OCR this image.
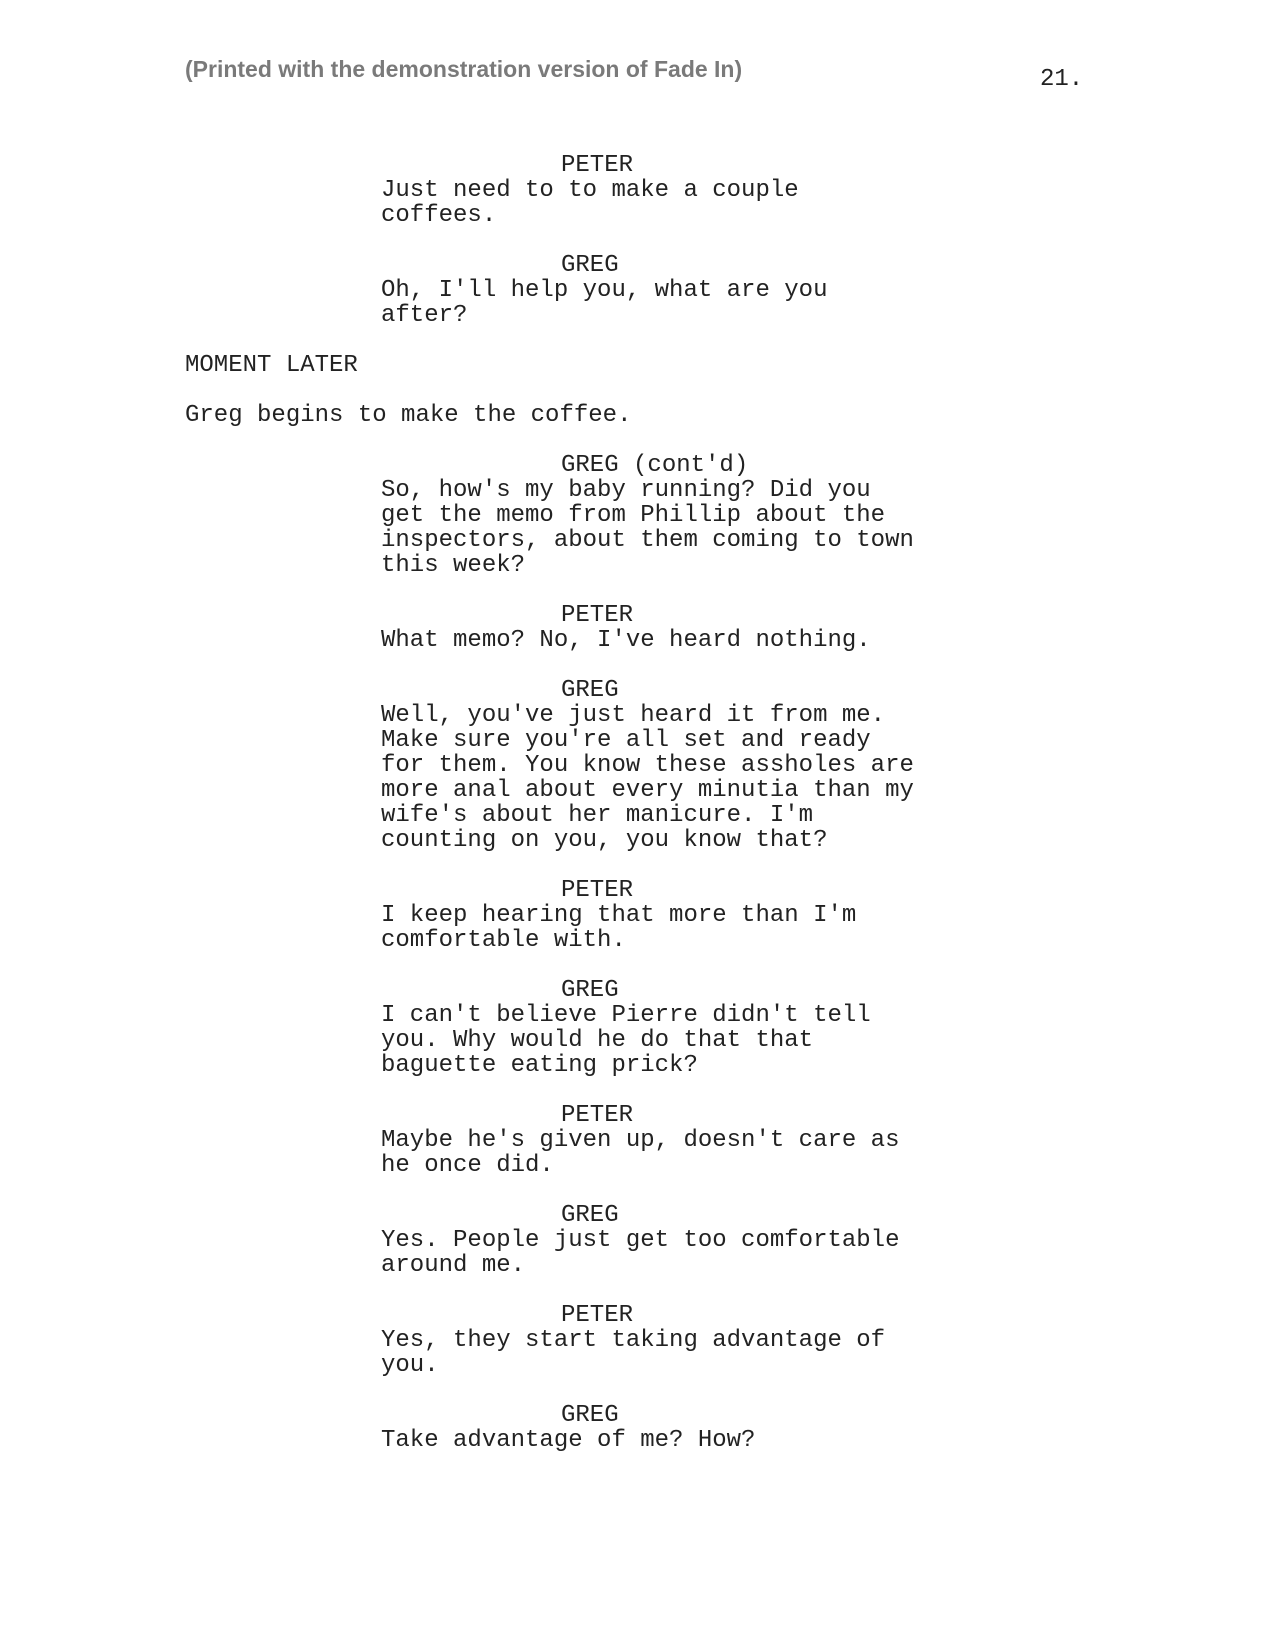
(Printed with the demonstration version of Fade In)	21.
PETER
Just need to to make a couple
coffees.
GREG
Oh, I'll help you, what are you
after?
MOMENT LATER
Greg begins to make the coffee.
GREG (cont'd)
So, how's my baby running? Did you
get the memo from Phillip about the
inspectors, about them coming to town
this week?
PETER
What memo? No, I've heard nothing.
GREG
Well, you've just heard it from me.
Make sure you're all set and ready
for them. You know these assholes are
more anal about every minutia than my
wife's about her manicure. I'm
counting on you, you know that?
PETER
I keep hearing that more than I'm
comfortable with.
GREG
I can't believe Pierre didn't tell
you. Why would he do that that
baguette eating prick?
PETER
Maybe he's given up, doesn't care as
he once did.
GREG
Yes. People just get too comfortable
around me.
PETER
Yes, they start taking advantage of
you.
GREG
Take advantage of me? How?
